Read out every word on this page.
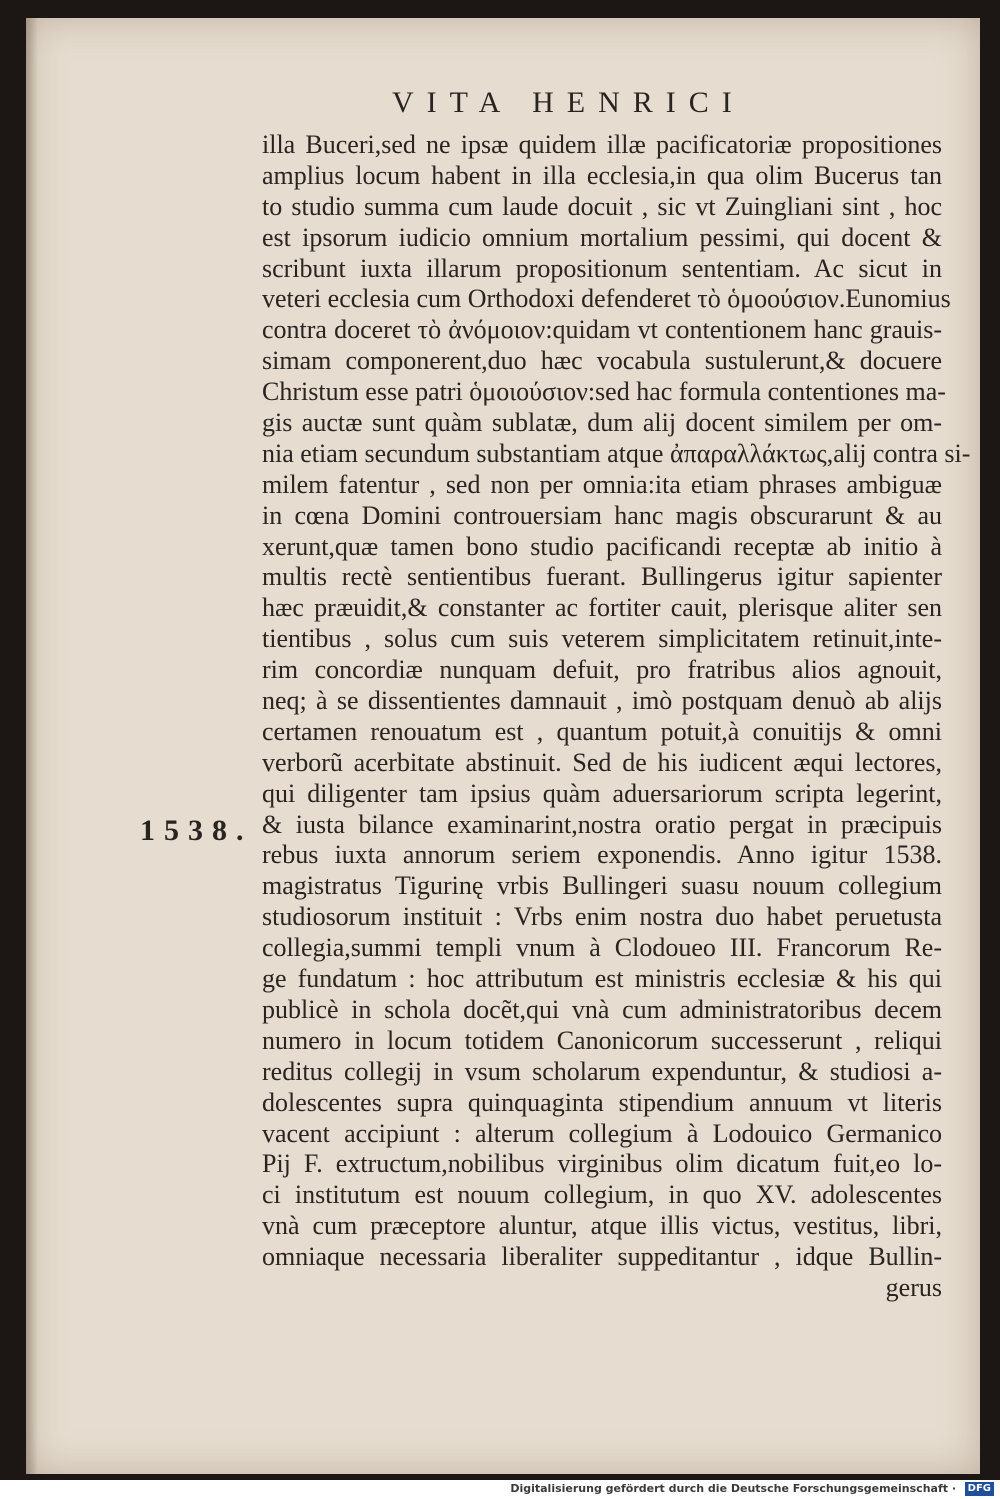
VITA HENRICI
1538.
illa Buceri,sed ne ipsæ quidem illæ pacificatoriæ propositiones
amplius locum habent in illa ecclesia,in qua olim Bucerus tan
to studio summa cum laude docuit , sic vt Zuingliani sint , hoc
est ipsorum iudicio omnium mortalium pessimi, qui docent &
scribunt iuxta illarum propositionum sententiam. Ac sicut in
veteri ecclesia cum Orthodoxi defenderet τὸ ὁμοούσιον.Eunomius
contra doceret τὸ ἀνόμοιον:quidam vt contentionem hanc grauis-
simam componerent,duo hæc vocabula sustulerunt,& docuere
Christum esse patri ὁμοιούσιον:sed hac formula contentiones ma-
gis auctæ sunt quàm sublatæ, dum alij docent similem per om-
nia etiam secundum substantiam atque ἀπαραλλάκτως,alij contra si-
milem fatentur , sed non per omnia:ita etiam phrases ambiguæ
in cœna Domini controuersiam hanc magis obscurarunt & au
xerunt,quæ tamen bono studio pacificandi receptæ ab initio à
multis rectè sentientibus fuerant. Bullingerus igitur sapienter
hæc præuidit,& constanter ac fortiter cauit, plerisque aliter sen
tientibus , solus cum suis veterem simplicitatem retinuit,inte-
rim concordiæ nunquam defuit, pro fratribus alios agnouit,
neq; à se dissentientes damnauit , imò postquam denuò ab alijs
certamen renouatum est , quantum potuit,à conuitijs & omni
verborũ acerbitate abstinuit. Sed de his iudicent æqui lectores,
qui diligenter tam ipsius quàm aduersariorum scripta legerint,
& iusta bilance examinarint,nostra oratio pergat in præcipuis
rebus iuxta annorum seriem exponendis. Anno igitur 1538.
magistratus Tigurinę vrbis Bullingeri suasu nouum collegium
studiosorum instituit : Vrbs enim nostra duo habet peruetusta
collegia,summi templi vnum à Clodoueo III. Francorum Re-
ge fundatum : hoc attributum est ministris ecclesiæ & his qui
publicè in schola docẽt,qui vnà cum administratoribus decem
numero in locum totidem Canonicorum successerunt , reliqui
reditus collegij in vsum scholarum expenduntur, & studiosi a-
dolescentes supra quinquaginta stipendium annuum vt literis
vacent accipiunt : alterum collegium à Lodouico Germanico
Pij F. extructum,nobilibus virginibus olim dicatum fuit,eo lo-
ci institutum est nouum collegium, in quo XV. adolescentes
vnà cum præceptore aluntur, atque illis victus, vestitus, libri,
omniaque necessaria liberaliter suppeditantur , idque Bullin-
gerus
Digitalisierung gefördert durch die Deutsche Forschungsgemeinschaft ·	DFG
